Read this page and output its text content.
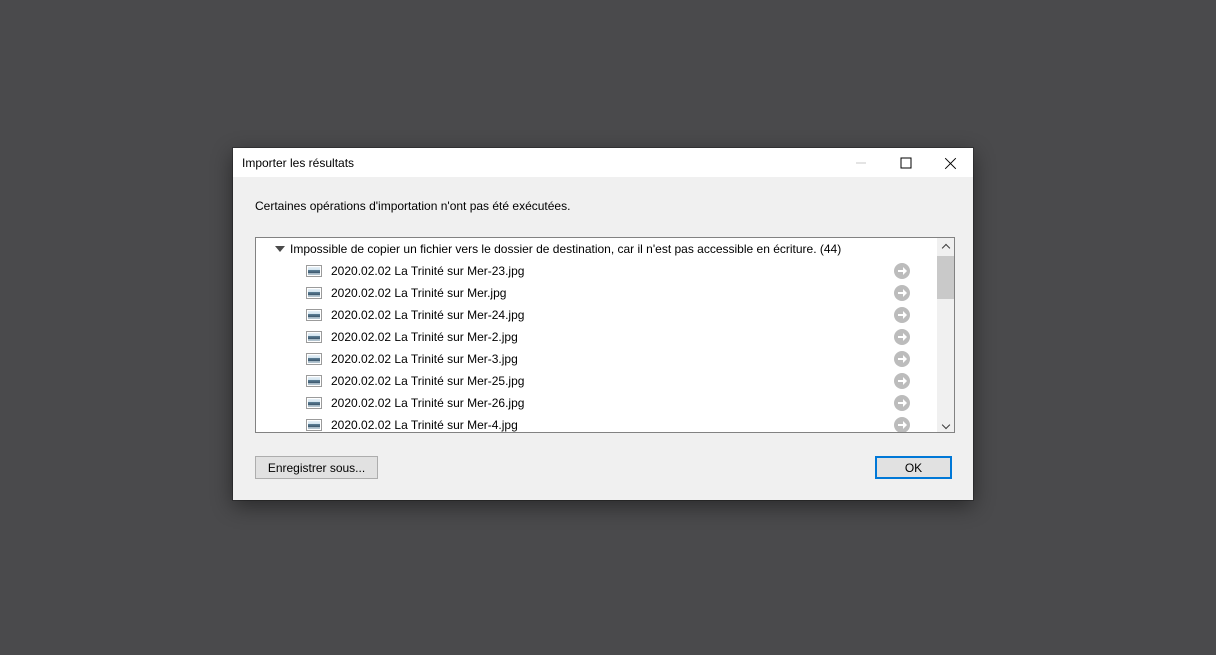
Importer les résultats
Certaines opérations d'importation n'ont pas été exécutées.
Impossible de copier un fichier vers le dossier de destination, car il n'est pas accessible en écriture. (44)
2020.02.02 La Trinité sur Mer-23.jpg
2020.02.02 La Trinité sur Mer.jpg
2020.02.02 La Trinité sur Mer-24.jpg
2020.02.02 La Trinité sur Mer-2.jpg
2020.02.02 La Trinité sur Mer-3.jpg
2020.02.02 La Trinité sur Mer-25.jpg
2020.02.02 La Trinité sur Mer-26.jpg
2020.02.02 La Trinité sur Mer-4.jpg
Enregistrer sous...	OK
